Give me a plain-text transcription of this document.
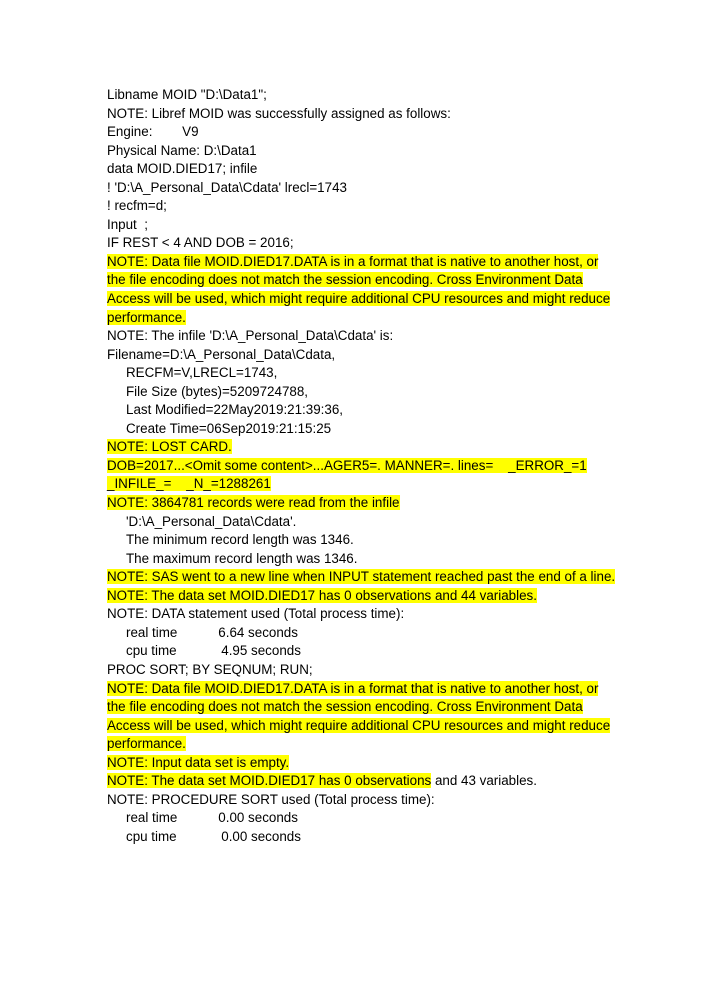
Libname MOID "D:\Data1";
NOTE: Libref MOID was successfully assigned as follows:
Engine:        V9
Physical Name: D:\Data1
data MOID.DIED17; infile
! 'D:\A_Personal_Data\Cdata' lrecl=1743
! recfm=d;
Input  ;
IF REST < 4 AND DOB = 2016;
NOTE: Data file MOID.DIED17.DATA is in a format that is native to another host, or
the file encoding does not match the session encoding. Cross Environment Data
Access will be used, which might require additional CPU resources and might reduce
performance.
NOTE: The infile 'D:\A_Personal_Data\Cdata' is:
Filename=D:\A_Personal_Data\Cdata,
RECFM=V,LRECL=1743,
File Size (bytes)=5209724788,
Last Modified=22May2019:21:39:36,
Create Time=06Sep2019:21:15:25
NOTE: LOST CARD.
DOB=2017...<Omit some content>...AGER5=. MANNER=. lines=    _ERROR_=1
_INFILE_=    _N_=1288261
NOTE: 3864781 records were read from the infile
'D:\A_Personal_Data\Cdata'.
The minimum record length was 1346.
The maximum record length was 1346.
NOTE: SAS went to a new line when INPUT statement reached past the end of a line.
NOTE: The data set MOID.DIED17 has 0 observations and 44 variables.
NOTE: DATA statement used (Total process time):
real time           6.64 seconds
cpu time            4.95 seconds
PROC SORT; BY SEQNUM; RUN;
NOTE: Data file MOID.DIED17.DATA is in a format that is native to another host, or
the file encoding does not match the session encoding. Cross Environment Data
Access will be used, which might require additional CPU resources and might reduce
performance.
NOTE: Input data set is empty.
NOTE: The data set MOID.DIED17 has 0 observations and 43 variables.
NOTE: PROCEDURE SORT used (Total process time):
real time           0.00 seconds
cpu time            0.00 seconds
